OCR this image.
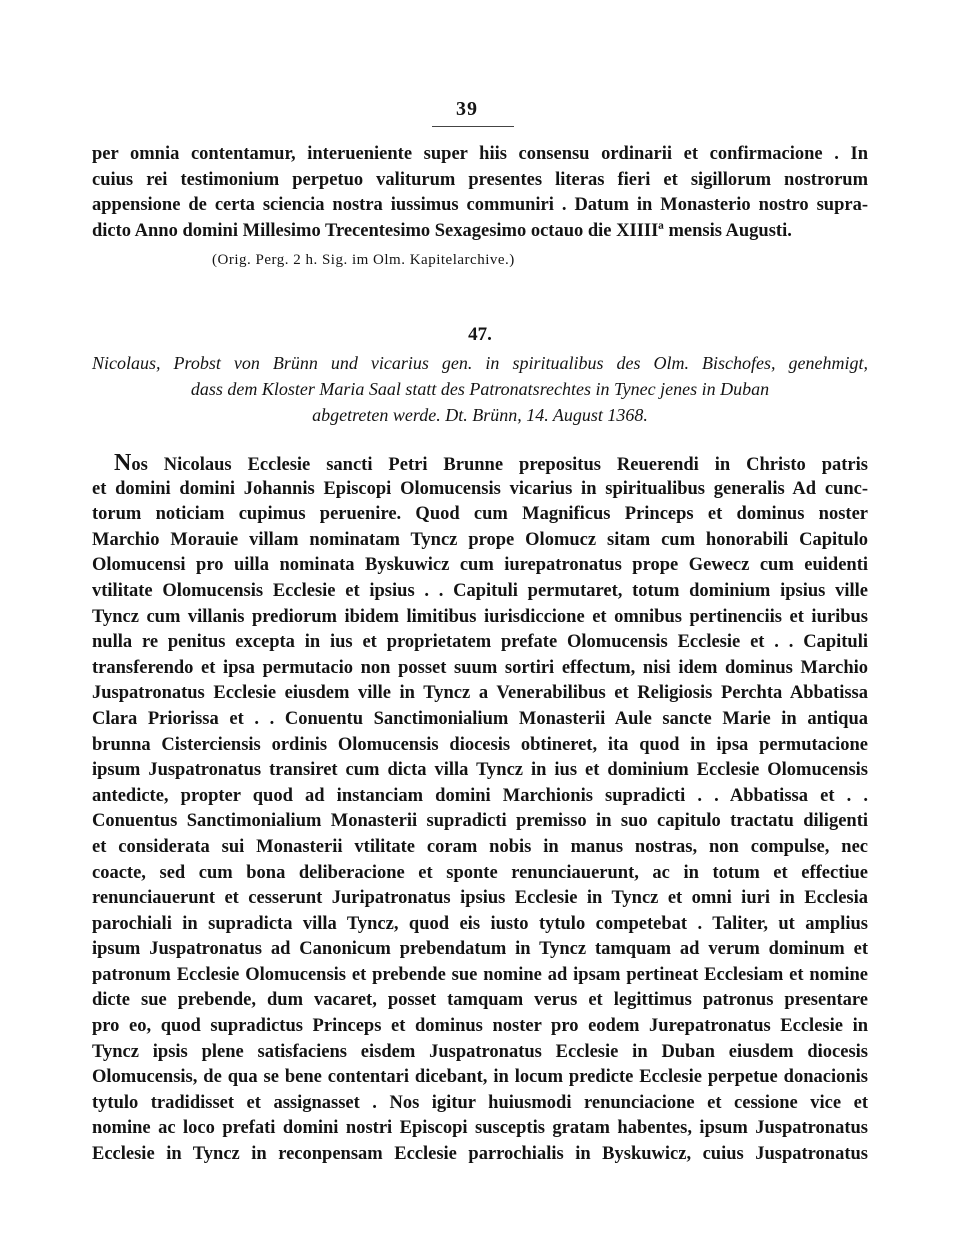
39
per omnia contentamur, interueniente super hiis consensu ordinarii et confirmacione . In
cuius rei testimonium perpetuo valiturum presentes literas fieri et sigillorum nostrorum
appensione de certa sciencia nostra iussimus communiri . Datum in Monasterio nostro supra-
dicto Anno domini Millesimo Trecentesimo Sexagesimo octauo die XIIIIª mensis Augusti.
(Orig. Perg. 2 h. Sig. im Olm. Kapitelarchive.)
47.
Nicolaus, Probst von Brünn und vicarius gen. in spiritualibus des Olm. Bischofes, genehmigt,
dass dem Kloster Maria Saal statt des Patronatsrechtes in Tynec jenes in Duban
abgetreten werde. Dt. Brünn, 14. August 1368.
Nos Nicolaus Ecclesie sancti Petri Brunne prepositus Reuerendi in Christo patris
et domini domini Johannis Episcopi Olomucensis vicarius in spiritualibus generalis Ad cunc-
torum noticiam cupimus peruenire. Quod cum Magnificus Princeps et dominus noster
Marchio Morauie villam nominatam Tyncz prope Olomucz sitam cum honorabili Capitulo
Olomucensi pro uilla nominata Byskuwicz cum iurepatronatus prope Gewecz cum euidenti
vtilitate Olomucensis Ecclesie et ipsius . . Capituli permutaret, totum dominium ipsius ville
Tyncz cum villanis prediorum ibidem limitibus iurisdiccione et omnibus pertinenciis et iuribus
nulla re penitus excepta in ius et proprietatem prefate Olomucensis Ecclesie et . . Capituli
transferendo et ipsa permutacio non posset suum sortiri effectum, nisi idem dominus Marchio
Juspatronatus Ecclesie eiusdem ville in Tyncz a Venerabilibus et Religiosis Perchta Abbatissa
Clara Priorissa et . . Conuentu Sanctimonialium Monasterii Aule sancte Marie in antiqua
brunna Cisterciensis ordinis Olomucensis diocesis obtineret, ita quod in ipsa permutacione
ipsum Juspatronatus transiret cum dicta villa Tyncz in ius et dominium Ecclesie Olomucensis
antedicte, propter quod ad instanciam domini Marchionis supradicti . . Abbatissa et . .
Conuentus Sanctimonialium Monasterii supradicti premisso in suo capitulo tractatu diligenti
et considerata sui Monasterii vtilitate coram nobis in manus nostras, non compulse, nec
coacte, sed cum bona deliberacione et sponte renunciauerunt, ac in totum et effectiue
renunciauerunt et cesserunt Juripatronatus ipsius Ecclesie in Tyncz et omni iuri in Ecclesia
parochiali in supradicta villa Tyncz, quod eis iusto tytulo competebat . Taliter, ut amplius
ipsum Juspatronatus ad Canonicum prebendatum in Tyncz tamquam ad verum dominum et
patronum Ecclesie Olomucensis et prebende sue nomine ad ipsam pertineat Ecclesiam et nomine
dicte sue prebende, dum vacaret, posset tamquam verus et legittimus patronus presentare
pro eo, quod supradictus Princeps et dominus noster pro eodem Jurepatronatus Ecclesie in
Tyncz ipsis plene satisfaciens eisdem Juspatronatus Ecclesie in Duban eiusdem diocesis
Olomucensis, de qua se bene contentari dicebant, in locum predicte Ecclesie perpetue donacionis
tytulo tradidisset et assignasset . Nos igitur huiusmodi renunciacione et cessione vice et
nomine ac loco prefati domini nostri Episcopi susceptis gratam habentes, ipsum Juspatronatus
Ecclesie in Tyncz in reconpensam Ecclesie parrochialis in Byskuwicz, cuius Juspatronatus
